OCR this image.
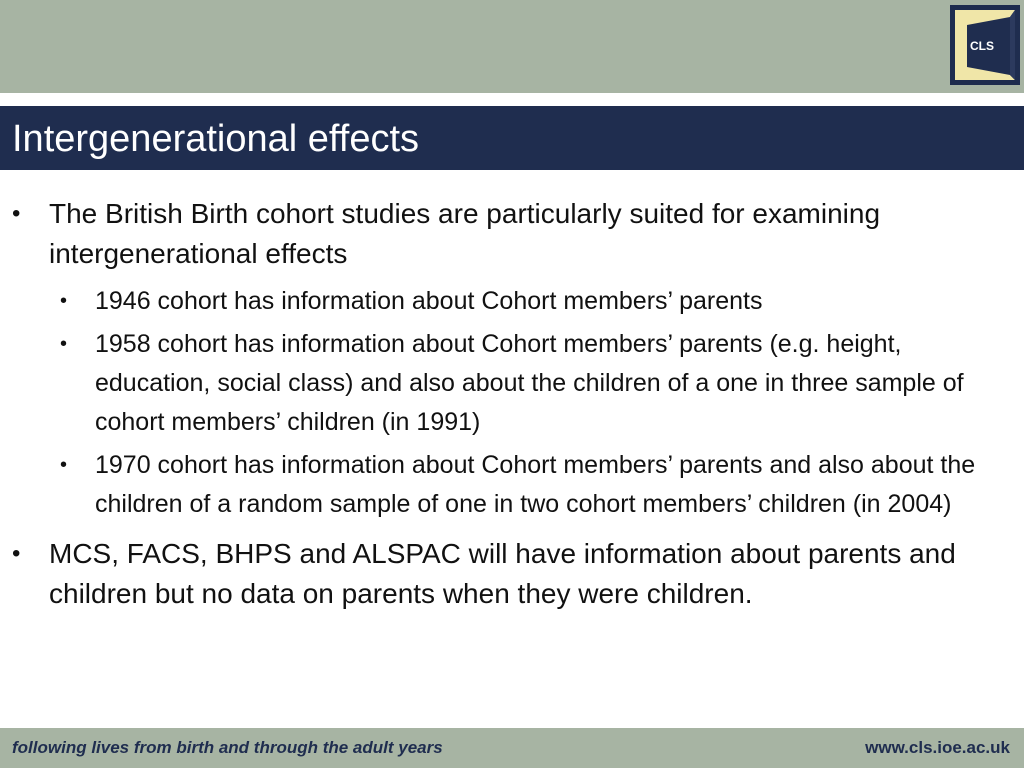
CLS
Intergenerational effects
• The British Birth cohort studies are particularly suited for examining intergenerational effects
• 1946 cohort has information about Cohort members’ parents
• 1958 cohort has information about Cohort members’ parents (e.g. height, education, social class) and also about the children of a one in three sample of cohort members’ children (in 1991)
• 1970 cohort has information about Cohort members’ parents and also about the children of a random sample of one in two cohort members’ children (in 2004)
• MCS, FACS, BHPS and ALSPAC will have information about parents and children but no data on parents when they were children.
following lives from birth and through the adult years	www.cls.ioe.ac.uk
